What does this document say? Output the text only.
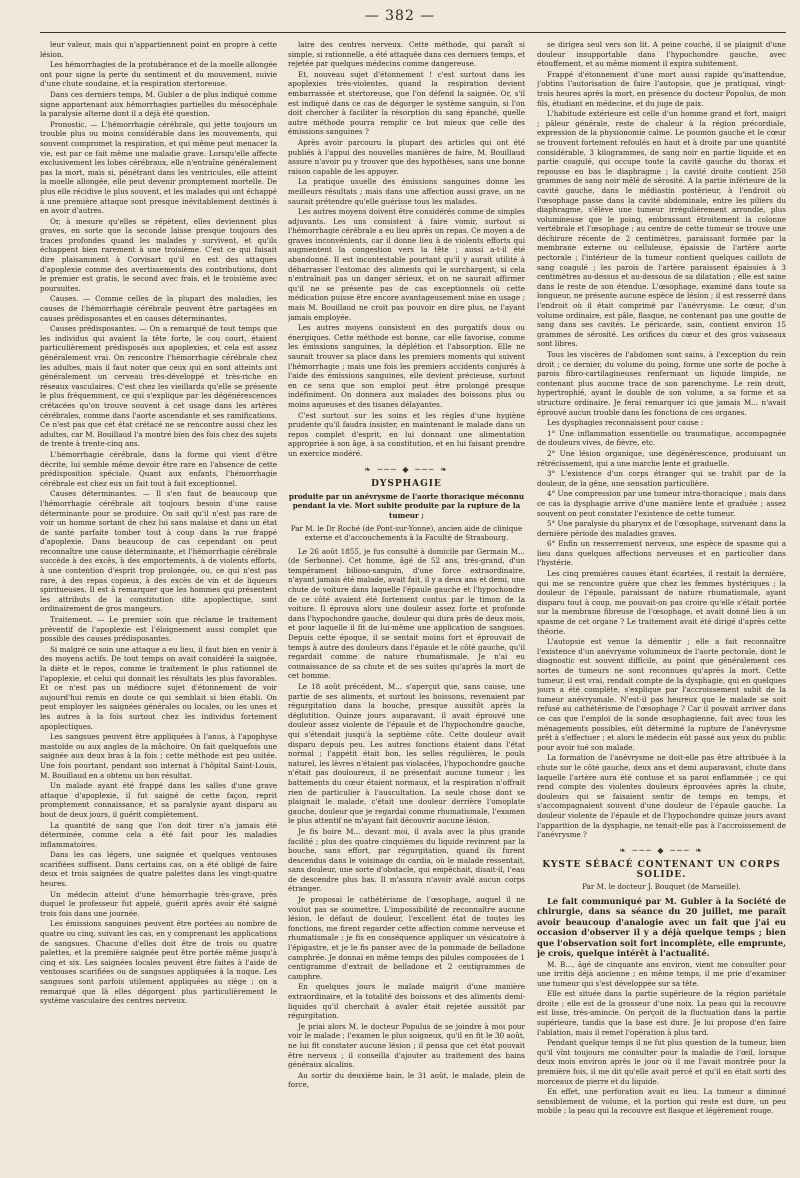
— 382 —

leur valeur, mais qui n'appartiennent point en propre à cette lésion.

Les hémorrhagies de la protubérance et de la moelle allongée ont pour signe la perte du sentiment et du mouvement, suivie d'une chute soudaine, et la respiration stertoreuse.

Dans ces derniers temps, M. Gubler a de plus indiqué comme signe appartenant aux hémorrhagies partielles du mésocéphale la paralysie alterne dont il a déjà été question.

Pronostic. — L'hémorrhagie cérébrale, qui jette toujours un trouble plus ou moins considérable dans les mouvements, qui souvent compromet la respiration, et qui même peut menacer la vie, est par ce fait même une maladie grave. Lorsqu'elle affecte exclusivement les lobes cérébraux, elle n'entraîne généralement pas la mort, mais si, pénétrant dans les ventricules, elle atteint la moelle allongée, elle peut devenir promptement mortelle. De plus elle récidive le plus souvent, et les malades qui ont échappé à une première attaque sont presque inévitablement destinés à en avoir d'autres.

Or, à mesure qu'elles se répètent, elles deviennent plus graves, en sorte que la seconde laisse presque toujours des traces profondes quand les malades y survivent, et qu'ils échappent bien rarement à une troisième. C'est ce qui faisait dire plaisamment à Corvisart qu'il en est des attaques d'apoplexie comme des avertissements des contributions, dont le premier est gratis, le second avec frais, et le troisième avec poursuites.

Causes. — Comme celles de la plupart des maladies, les causes de l'hémorrhagie cérébrale peuvent être partagées en causes prédisposantes et en causes déterminantes.

Causes prédisposantes. — On a remarqué de tout temps que les individus qui avaient la tête forte, le cou court, étaient particulièrement prédisposés aux apoplexies, et cela est assez généralement vrai. On rencontre l'hémorrhagie cérébrale chez les adultes, mais il faut noter que ceux qui en sont atteints ont généralement un cerveau très-développé et très-riche en réseaux vasculaires. C'est chez les vieillards qu'elle se présente le plus fréquemment, ce qui s'explique par les dégénérescences crétacées qu'on trouve souvent à cet usage dans les artères cérébrales, comme dans l'aorte ascendante et ses ramifications. Ce n'est pas que cet état crétacé ne se rencontre aussi chez les adultes, car M. Bouillaud l'a montré bien des fois chez des sujets de trente à trente-cinq ans.

L'hémorrhagie cérébrale, dans la forme qui vient d'être décrite, lui semble même devoir être rare en l'absence de cette prédisposition spéciale. Quant aux enfants, l'hémorrhagie cérébrale est chez eux un fait tout à fait exceptionnel.

Causes déterminantes. — Il s'en faut de beaucoup que l'hémorrhagie cérébrale ait toujours besoin d'une cause déterminante pour se produire. On sait qu'il n'est pas rare de voir un homme sortant de chez lui sans malaise et dans un état de santé parfaite tomber tout à coup dans la rue frappé d'apoplexie. Dans beaucoup de cas cependant on peut reconnaître une cause déterminante, et l'hémorrhagie cérébrale succède à des excès, à des emportements, à de violents efforts, à une contention d'esprit trop prolongée, ou, ce qui n'est pas rare, à des repas copieux, à des excès de vin et de liqueurs spiritueuses. Il est à remarquer que les hommes qui présentent les attributs de la constitution dite apoplectique, sont ordinairement de gros mangeurs.

Traitement. — Le premier soin que réclame le traitement préventif de l'apoplexie est l'éloignement aussi complet que possible des causes prédisposantes.

Si malgré ce soin une attaque a eu lieu, il faut bien en venir à des moyens actifs. De tout temps on avait considéré la saignée, la diète et le repos, comme le traitement le plus rationnel de l'apoplexie, et celui qui donnait les résultats les plus favorables. Et ce n'est pas un médiocre sujet d'étonnement de voir aujourd'hui remis en doute ce qui semblait si bien établi. On peut employer les saignées générales ou locales, ou les unes et les autres à la fois surtout chez les individus fortement apoplectiques.

Les sangsues peuvent être appliquées à l'anus, à l'apophyse mastoïde ou aux angles de la mâchoire. On fait quelquefois une saignée aux deux bras à la fois ; cette méthode est peu usitée. Une fois pourtant, pendant son internat à l'hôpital Saint-Louis, M. Bouillaud en a obtenu un bon résultat.

Un malade ayant été frappé dans les salles d'une grave attaque d'apoplexie, il fut saigné de cette façon, reprit promptement connaissance, et sa paralysie ayant disparu au bout de deux jours, il guérit complètement.

La quantité de sang que l'on doit tirer n'a jamais été déterminée, comme cela a été fait pour les maladies inflammatoires.

Dans les cas légers, une saignée et quelques ventouses scarifiées suffisent. Dans certains cas, on a été obligé de faire deux et trois saignées de quatre palettes dans les vingt-quatre heures.

Un médecin atteint d'une hémorrhagie très-grave, près duquel le professeur fut appelé, guérit après avoir été saigné trois fois dans une journée.

Les émissions sanguines peuvent être portées au nombre de quatre ou cinq, suivant les cas, en y comprenant les applications de sangsues. Chacune d'elles doit être de trois ou quatre palettes, et la première saignée peut être portée même jusqu'à cinq et six. Les saignées locales peuvent être faites à l'aide de ventouses scarifiées ou de sangsues appliquées à la nuque. Les sangsues sont parfois utilement appliquées au siège ; on a remarqué que là elles dégorgent plus particulièrement le système vasculaire des centres nerveux.

laire des centres nerveux. Cette méthode, qui paraît si simple, si rationnelle, a été attaquée dans ces derniers temps, et rejetée par quelques médecins comme dangereuse.

Et, nouveau sujet d'étonnement ! c'est surtout dans les apoplexies très-violentes, quand la respiration devient embarrassée et stertoreuse, que l'on défend la saignée. Or, s'il est indiqué dans ce cas de dégorger le système sanguin, si l'on doit chercher à faciliter la résorption du sang épanché, quelle autre méthode pourra remplir ce but mieux que celle des émissions sanguines ?

Après avoir parcouru la plupart des articles qui ont été publiés à l'appui des nouvelles manières de faire, M. Bouillaud assure n'avoir pu y trouver que des hypothèses, sans une bonne raison capable de les appuyer.

La pratique usuelle des émissions sanguines donne les meilleurs résultats ; mais dans une affection aussi grave, on ne saurait prétendre qu'elle guérisse tous les malades.

Les autres moyens doivent être considérés comme de simples adjuvants. Les uns consistent à faire vomir, surtout si l'hémorrhagie cérébrale a eu lieu après un repas. Ce moyen a de graves inconvénients, car il donne lieu à de violents efforts qui augmentent la congestion vers la tête ; aussi a-t-il été abandonné. Il est incontestable pourtant qu'il y aurait utilité à débarrasser l'estomac des aliments qui le surchargent, si cela n'entraînait pas un danger sérieux, et on ne saurait affirmer qu'il ne se présente pas de cas exceptionnels où cette médication puisse être encore avantageusement mise en usage ; mais M. Bouillaud ne croit pas pouvoir en dire plus, ne l'ayant jamais employée.

Les autres moyens consistent en des purgatifs doux ou énergiques. Cette méthode est bonne, car elle favorise, comme les émissions sanguines, la déplétion et l'absorption. Elle ne saurait trouver sa place dans les premiers moments qui suivent l'hémorrhagie ; mais une fois les premiers accidents conjurés à l'aide des émissions sanguines, elle devient précieuse, surtout en ce sens que son emploi peut être prolongé presque indéfiniment. On donnera aux malades des boissons plus ou moins aqueuses et des tisanes délayantes.

C'est surtout sur les soins et les règles d'une hygiène prudente qu'il faudra insister, en maintenant le malade dans un repos complet d'esprit, en lui donnant une alimentation appropriée à son âge, à sa constitution, et en lui faisant prendre un exercice modéré.

❧ ─── ◆ ─── ❧
DYSPHAGIE
produite par un anévrysme de l'aorte thoracique méconnu pendant la vie. Mort subite produite par la rupture de la tumeur ;
Par M. le Dr Roché (de Pont-sur-Yonne), ancien aide de clinique externe et d'accouchements à la Faculté de Strasbourg.

Le 26 août 1855, je fus consulté à domicile par Germain M... (de Serbonne). Cet homme, âgé de 52 ans, très-grand, d'un tempérament bilioso-sanguin, d'une force extraordinaire, n'ayant jamais été malade, avait fait, il y a deux ans et demi, une chute de voiture dans laquelle l'épaule gauche et l'hypochondre de ce côté avaient été fortement contus par le timon de la voiture. Il éprouva alors une douleur assez forte et profonde dans l'hypochondre gauche, douleur qui dura près de deux mois, et pour laquelle il fit de lui-même une application de sangsues. Depuis cette époque, il se sentait moins fort et éprouvait de temps à autre des douleurs dans l'épaule et le côté gauche, qu'il regardait comme de nature rhumatismale. Je n'ai eu connaissance de sa chute et de ses suites qu'après la mort de cet homme.

Le 18 août précédent, M... s'aperçut que, sans cause, une partie de ses aliments, et surtout les boissons, revenaient par régurgitation dans la bouche, presque aussitôt après la déglutition. Quinze jours auparavant, il avait éprouvé une douleur assez violente de l'épaule et de l'hypochondre gauche, qui s'étendait jusqu'à la septième côte. Cette douleur avait disparu depuis peu. Les autres fonctions étaient dans l'état normal ; l'appétit était bon, les selles régulières, le pouls naturel, les lèvres n'étaient pas violacées, l'hypochondre gauche n'était pas douloureux, il ne présentait aucune tumeur ; les battements du cœur étaient normaux, et la respiration n'offrait rien de particulier à l'auscultation. La seule chose dont se plaignait le malade, c'était une douleur derrière l'omoplate gauche, douleur que je regardai comme rhumatismale, l'examen le plus attentif ne m'ayant fait découvrir aucune lésion.

Je fis boire M... devant moi, il avala avec la plus grande facilité ; plus des quatre cinquièmes du liquide revinrent par la bouche, sans effort, par régurgitation, quand ils furent descendus dans le voisinage du cardia, où le malade ressentait, sans douleur, une sorte d'obstacle, qui empêchait, disait-il, l'eau de descendre plus bas. Il m'assura n'avoir avalé aucun corps étranger.

Je proposai le cathétérisme de l'œsophage, auquel il ne voulut pas se soumettre. L'impossibilité de reconnaître aucune lésion, le défaut de douleur, l'excellent état de toutes les fonctions, me firent regarder cette affection comme nerveuse et rhumatismale ; je fis en conséquence appliquer un vésicatoire à l'épigastre, et je le fis panser avec de la pommade de belladone camphrée. Je donnai en même temps des pilules composées de 1 centigramme d'extrait de belladone et 2 centigrammes de camphre.

En quelques jours le malade maigrit d'une manière extraordinaire, et la totalité des boissons et des aliments demi-liquides qu'il cherchait à avaler était rejetée aussitôt par régurgitation.

Je priai alors M. le docteur Populus de se joindre à moi pour voir le malade ; l'examen le plus soigneux, qu'il en fit le 30 août, ne lui fit constater aucune lésion ; il pensa que cet état pouvait être nerveux ; il conseilla d'ajouter au traitement des bains généraux alcalins.

Au sortir du deuxième bain, le 31 août, le malade, plein de force,

se dirigea seul vers son lit. A peine couché, il se plaignit d'une douleur insupportable dans l'hypochondre gauche, avec étouffement, et au même moment il expira subitement.

Frappé d'étonnement d'une mort aussi rapide qu'inattendue, j'obtins l'autorisation de faire l'autopsie, que je pratiquai, vingt-trois heures après la mort, en présence du docteur Populus, de mon fils, étudiant en médecine, et du juge de paix.

L'habitude extérieure est celle d'un homme grand et fort, maigri ; pâleur générale, reste de chaleur à la région précordiale, expression de la physionomie calme. Le poumon gauche et le cœur se trouvent fortement refoulés en haut et à droite par une quantité considérable, 3 kilogrammes, de sang noir en partie liquide et en partie coagulé, qui occupe toute la cavité gauche du thorax et repousse en bas le diaphragme ; la cavité droite contient 250 grammes de sang noir mêlé de sérosité. A la partie inférieure de la cavité gauche, dans le médiastin postérieur, à l'endroit où l'œsophage passe dans la cavité abdominale, entre les piliers du diaphragme, s'élève une tumeur irrégulièrement arrondie, plus volumineuse que le poing, embrassant étroitement la colonne vertébrale et l'œsophage ; au centre de cette tumeur se trouve une déchirure récente de 2 centimètres, paraissant formée par la membrane externe ou celluleuse, épaissie de l'artère aorte pectorale ; l'intérieur de la tumeur contient quelques caillots de sang coagulé ; les parois de l'artère paraissent épaissies à 3 centimètres au-dessus et au-dessous de sa dilatation ; elle est saine dans le reste de son étendue. L'œsophage, examiné dans toute sa longueur, ne présente aucune espèce de lésion ; il est resserré dans l'endroit où il était comprimé par l'anévrysme. Le cœur, d'un volume ordinaire, est pâle, flasque, ne contenant pas une goutte de sang dans ses cavités. Le péricarde, sain, contient environ 15 grammes de sérosité. Les orifices du cœur et des gros vaisseaux sont libres.

Tous les viscères de l'abdomen sont sains, à l'exception du rein droit ; ce dernier, du volume du poing, forme une sorte de poche à parois fibro-cartilagineuses renfermant un liquide limpide, ne contenant plus aucune trace de son parenchyme. Le rein droit, hypertrophié, ayant le double de son volume, a sa forme et sa structure ordinaire. Je ferai remarquer ici que jamais M... n'avait éprouvé aucun trouble dans les fonctions de ces organes.

Les dysphagies reconnaissent pour cause :

1° Une inflammation essentielle ou traumatique, accompagnée de douleurs vives, de fièvre, etc.

2° Une lésion organique, une dégénérescence, produisant un rétrécissement, qui a une marche lente et graduelle.

3° L'existence d'un corps étranger qui se trahit par de la douleur, de la gêne, une sensation particulière.

4° Une compression par une tumeur intra-thoracique ; mais dans ce cas la dysphagie arrive d'une manière lente et graduée ; assez souvent on peut constater l'existence de cette tumeur.

5° Une paralysie du pharynx et de l'œsophage, survenant dans la dernière période des maladies graves.

6° Enfin un resserrement nerveux, une espèce de spasme qui a lieu dans quelques affections nerveuses et en particulier dans l'hystérie.

Les cinq premières causes étant écartées, il restait la dernière, qui me se rencontre guère que chez les femmes hystériques ; la douleur de l'épaule, paraissant de nature rhumatismale, ayant disparu tout à coup, me pouvait-on pas croire qu'elle s'était portée sur la membrane fibreuse de l'œsophage, et avait donné lieu à un spasme de cet organe ? Le traitement avait été dirigé d'après cette théorie.

L'autopsie est venue la démentir ; elle a fait reconnaître l'existence d'un anévrysme volumineux de l'aorte pectorale, dont le diagnostic est souvent difficile, au point que généralement ces sortes de tumeurs ne sont reconnues qu'après la mort. Cette tumeur, il est vrai, rendait compte de la dysphagie, qui en quelques jours a été complète, s'explique par l'accroissement subit de la tumeur anévrysmale. N'est-il pas heureux que le malade se soit refusé au cathétérisme de l'œsophage ? Car il pouvait arriver dans ce cas que l'emploi de la sonde œsophagienne, fait avec tous les ménagements possibles, eût déterminé la rupture de l'anévrysme prêt à s'effectuer ; et alors le médecin eût passé aux yeux du public pour avoir tué son malade.

La formation de l'anévrysme ne doit-elle pas être attribuée à la chute sur le côté gauche, deux ans et demi auparavant, chute dans laquelle l'artère aura été contuse et sa paroi enflammée ; ce qui rend compte des violentes douleurs éprouvées après la chute, douleurs qui se faisaient sentir de temps en temps, et s'accompagnaient souvent d'une douleur de l'épaule gauche. La douleur violente de l'épaule et de l'hypochondre quinze jours avant l'apparition de la dysphagie, ne tenait-elle pas à l'accroissement de l'anévrysme ?

❧ ─── ◆ ─── ❧
KYSTE SÉBACÉ CONTENANT UN CORPS SOLIDE.
Par M. le docteur J. Bouquet (de Marseille).

Le fait communiqué par M. Gubler à la Société de chirurgie, dans sa séance du 20 juillet, me paraît avoir beaucoup d'analogie avec un fait que j'ai eu occasion d'observer il y a déjà quelque temps ; bien que l'observation soit fort incomplète, elle emprunte, je crois, quelque intérêt à l'actualité.

M. B..., âgé de cinquante ans environ, vient me consulter pour une irritis déjà ancienne ; en même temps, il me prie d'examiner une tumeur qui s'est développée sur sa tête.

Elle est située dans la partie supérieure de la région pariétale droite ; elle est de la grosseur d'une noix. La peau qui la recouvre est lisse, très-amincie. On perçoit de la fluctuation dans la partie supérieure, tandis que la base est dure. Je lui propose d'en faire l'ablation, mais il remet l'opération à plus tard.

Pendant quelque temps il ne fut plus question de la tumeur, bien qu'il vînt toujours me consulter pour la maladie de l'œil, lorsque deux mois environ après le jour où il me l'avait montrée pour la première fois, il me dit qu'elle avait percé et qu'il en était sorti des morceaux de pierre et du liquide.

En effet, une perforation avait eu lieu. La tumeur a diminué sensiblement de volume, et la portion qui reste est dure, un peu mobile ; la peau qui la recouvre est flasque et légèrement rouge.
